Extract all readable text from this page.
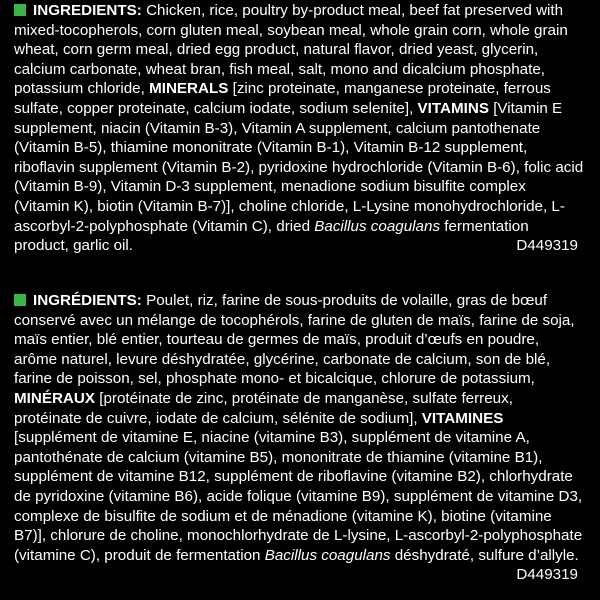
INGREDIENTS: Chicken, rice, poultry by-product meal, beef fat preserved with mixed-tocopherols, corn gluten meal, soybean meal, whole grain corn, whole grain wheat, corn germ meal, dried egg product, natural flavor, dried yeast, glycerin, calcium carbonate, wheat bran, fish meal, salt, mono and dicalcium phosphate, potassium chloride, MINERALS [zinc proteinate, manganese proteinate, ferrous sulfate, copper proteinate, calcium iodate, sodium selenite], VITAMINS [Vitamin E supplement, niacin (Vitamin B-3), Vitamin A supplement, calcium pantothenate (Vitamin B-5), thiamine mononitrate (Vitamin B-1), Vitamin B-12 supplement, riboflavin supplement (Vitamin B-2), pyridoxine hydrochloride (Vitamin B-6), folic acid (Vitamin B-9), Vitamin D-3 supplement, menadione sodium bisulfite complex (Vitamin K), biotin (Vitamin B-7)], choline chloride, L-Lysine monohydrochloride, L-ascorbyl-2-polyphosphate (Vitamin C), dried Bacillus coagulans fermentation product, garlic oil.	D449319

INGRÉDIENTS: Poulet, riz, farine de sous-produits de volaille, gras de bœuf conservé avec un mélange de tocophérols, farine de gluten de maïs, farine de soja, maïs entier, blé entier, tourteau de germes de maïs, produit d’œufs en poudre, arôme naturel, levure déshydratée, glycérine, carbonate de calcium, son de blé, farine de poisson, sel, phosphate mono- et bicalcique, chlorure de potassium, MINÉRAUX [protéinate de zinc, protéinate de manganèse, sulfate ferreux, protéinate de cuivre, iodate de calcium, sélénite de sodium], VITAMINES [supplément de vitamine E, niacine (vitamine B3), supplément de vitamine A, pantothénate de calcium (vitamine B5), mononitrate de thiamine (vitamine B1), supplément de vitamine B12, supplément de riboflavine (vitamine B2), chlorhydrate de pyridoxine (vitamine B6), acide folique (vitamine B9), supplément de vitamine D3, complexe de bisulfite de sodium et de ménadione (vitamine K), biotine (vitamine B7)], chlorure de choline, monochlorhydrate de L-lysine, L-ascorbyl-2-polyphosphate (vitamine C), produit de fermentation Bacillus coagulans déshydraté, sulfure d’allyle.
D449319
